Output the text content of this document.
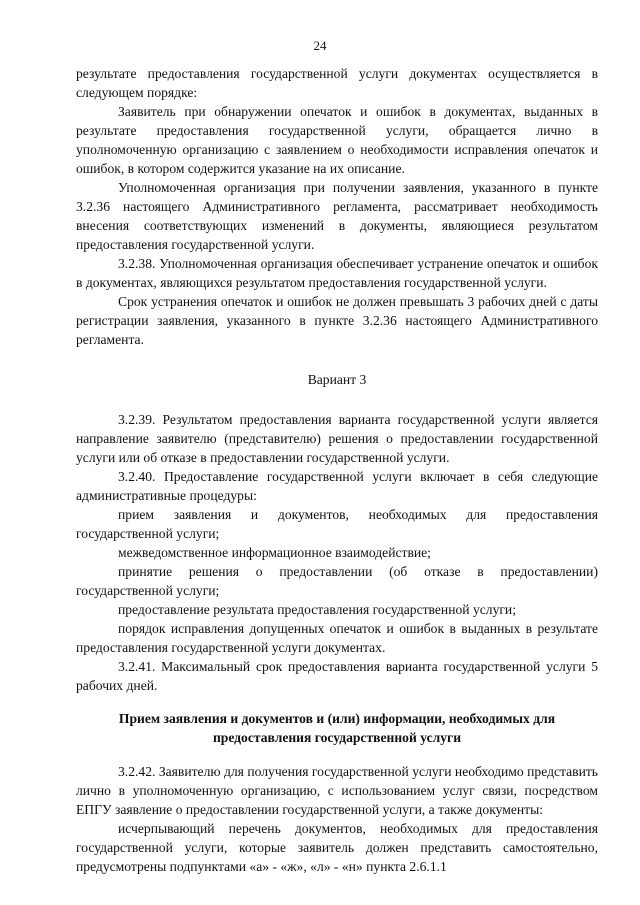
24

результате предоставления государственной услуги документах осуществляется в следующем порядке:

Заявитель при обнаружении опечаток и ошибок в документах, выданных в результате предоставления государственной услуги, обращается лично в уполномоченную организацию с заявлением о необходимости исправления опечаток и ошибок, в котором содержится указание на их описание.

Уполномоченная организация при получении заявления, указанного в пункте 3.2.36 настоящего Административного регламента, рассматривает необходимость внесения соответствующих изменений в документы, являющиеся результатом предоставления государственной услуги.

3.2.38. Уполномоченная организация обеспечивает устранение опечаток и ошибок в документах, являющихся результатом предоставления государственной услуги.

Срок устранения опечаток и ошибок не должен превышать 3 рабочих дней с даты регистрации заявления, указанного в пункте 3.2.36 настоящего Административного регламента.

Вариант 3

3.2.39. Результатом предоставления варианта государственной услуги является направление заявителю (представителю) решения о предоставлении государственной услуги или об отказе в предоставлении государственной услуги.

3.2.40. Предоставление государственной услуги включает в себя следующие административные процедуры:

прием заявления и документов, необходимых для предоставления государственной услуги;

межведомственное информационное взаимодействие;

принятие решения о предоставлении (об отказе в предоставлении) государственной услуги;

предоставление результата предоставления государственной услуги;

порядок исправления допущенных опечаток и ошибок в выданных в результате предоставления государственной услуги документах.

3.2.41. Максимальный срок предоставления варианта государственной услуги 5 рабочих дней.

Прием заявления и документов и (или) информации, необходимых для предоставления государственной услуги

3.2.42. Заявителю для получения государственной услуги необходимо представить лично в уполномоченную организацию, с использованием услуг связи, посредством ЕПГУ заявление о предоставлении государственной услуги, а также документы:

исчерпывающий перечень документов, необходимых для предоставления государственной услуги, которые заявитель должен представить самостоятельно, предусмотрены подпунктами «а» - «ж», «л» - «н» пункта 2.6.1.1
